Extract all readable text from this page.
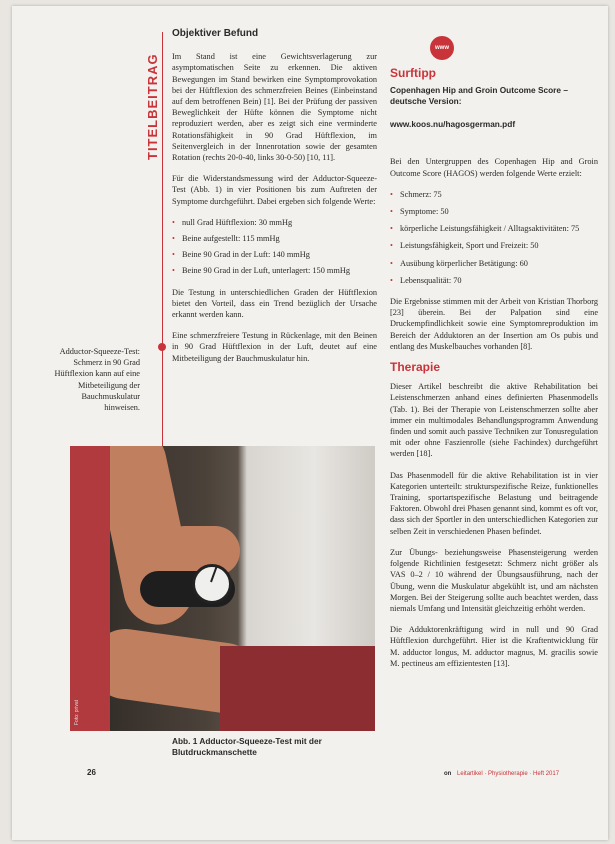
TITELBEITRAG
Objektiver Befund

Im Stand ist eine Gewichtsverlagerung zur asymptomatischen Seite zu erkennen. Die aktiven Bewegungen im Stand bewirken eine Symptomprovokation bei der Hüftflexion des schmerzfreien Beines (Einbeinstand auf dem betroffenen Bein) [1]. Bei der Prüfung der passiven Beweglichkeit der Hüfte können die Symptome nicht reproduziert werden, aber es zeigt sich eine verminderte Rotationsfähigkeit in 90 Grad Hüftflexion, im Seitenvergleich in der Innenrotation sowie der gesamten Rotation (rechts 20-0-40, links 30-0-50) [10, 11].

Für die Widerstandsmessung wird der Adductor-Squeeze-Test (Abb. 1) in vier Positionen bis zum Auftreten der Symptome durchgeführt. Dabei ergeben sich folgende Werte:

• null Grad Hüftflexion: 30 mmHg
• Beine aufgestellt: 115 mmHg
• Beine 90 Grad in der Luft: 140 mmHg
• Beine 90 Grad in der Luft, unterlagert: 150 mmHg

Die Testung in unterschiedlichen Graden der Hüftflexion bietet den Vorteil, dass ein Trend bezüglich der Ursache erkannt werden kann.

Eine schmerzfreiere Testung in Rückenlage, mit den Beinen in 90 Grad Hüftflexion in der Luft, deutet auf eine Mitbeteiligung der Bauchmuskulatur hin.

Adductor-Squeeze-Test: Schmerz in 90 Grad Hüftflexion kann auf eine Mitbeteiligung der Bauchmuskulatur hinweisen.
Foto: privat
Abb. 1 Adductor-Squeeze-Test mit der Blutdruckmanschette
www
Surftipp
Copenhagen Hip and Groin Outcome Score – deutsche Version:
www.koos.nu/hagosgerman.pdf

Bei den Untergruppen des Copenhagen Hip and Groin Outcome Score (HAGOS) werden folgende Werte erzielt:

• Schmerz: 75
• Symptome: 50
• körperliche Leistungsfähigkeit / Alltagsaktivitäten: 75
• Leistungsfähigkeit, Sport und Freizeit: 50
• Ausübung körperlicher Betätigung: 60
• Lebensqualität: 70

Die Ergebnisse stimmen mit der Arbeit von Kristian Thorborg [23] überein. Bei der Palpation sind eine Druckempfindlichkeit sowie eine Symptomreproduktion im Bereich der Adduktoren an der Insertion am Os pubis und entlang des Muskelbauches vorhanden [8].

Therapie

Dieser Artikel beschreibt die aktive Rehabilitation bei Leistenschmerzen anhand eines definierten Phasenmodells (Tab. 1). Bei der Therapie von Leistenschmerzen sollte aber immer ein multimodales Behandlungsprogramm Anwendung finden und somit auch passive Techniken zur Tonusregulation mit oder ohne Faszienrolle (siehe Fachindex) durchgeführt werden [18].

Das Phasenmodell für die aktive Rehabilitation ist in vier Kategorien unterteilt: strukturspezifische Reize, funktionelles Training, sportartspezifische Belastung und beitragende Faktoren. Obwohl drei Phasen genannt sind, kommt es oft vor, dass sich der Sportler in den unterschiedlichen Kategorien zur selben Zeit in verschiedenen Phasen befindet.

Zur Übungs- beziehungsweise Phasensteigerung werden folgende Richtlinien festgesetzt: Schmerz nicht größer als VAS 0–2 / 10 während der Übungsausführung, nach der Übung, wenn die Muskulatur abgekühlt ist, und am nächsten Morgen. Bei der Steigerung sollte auch beachtet werden, dass niemals Umfang und Intensität gleichzeitig erhöht werden.

Die Adduktorenkräftigung wird in null und 90 Grad Hüftflexion durchgeführt. Hier ist die Kraftentwicklung für M. adductor longus, M. adductor magnus, M. gracilis sowie M. pectineus am effizientesten [13].

26	on Leitartikel · Physiotherapie · Heft 2017
